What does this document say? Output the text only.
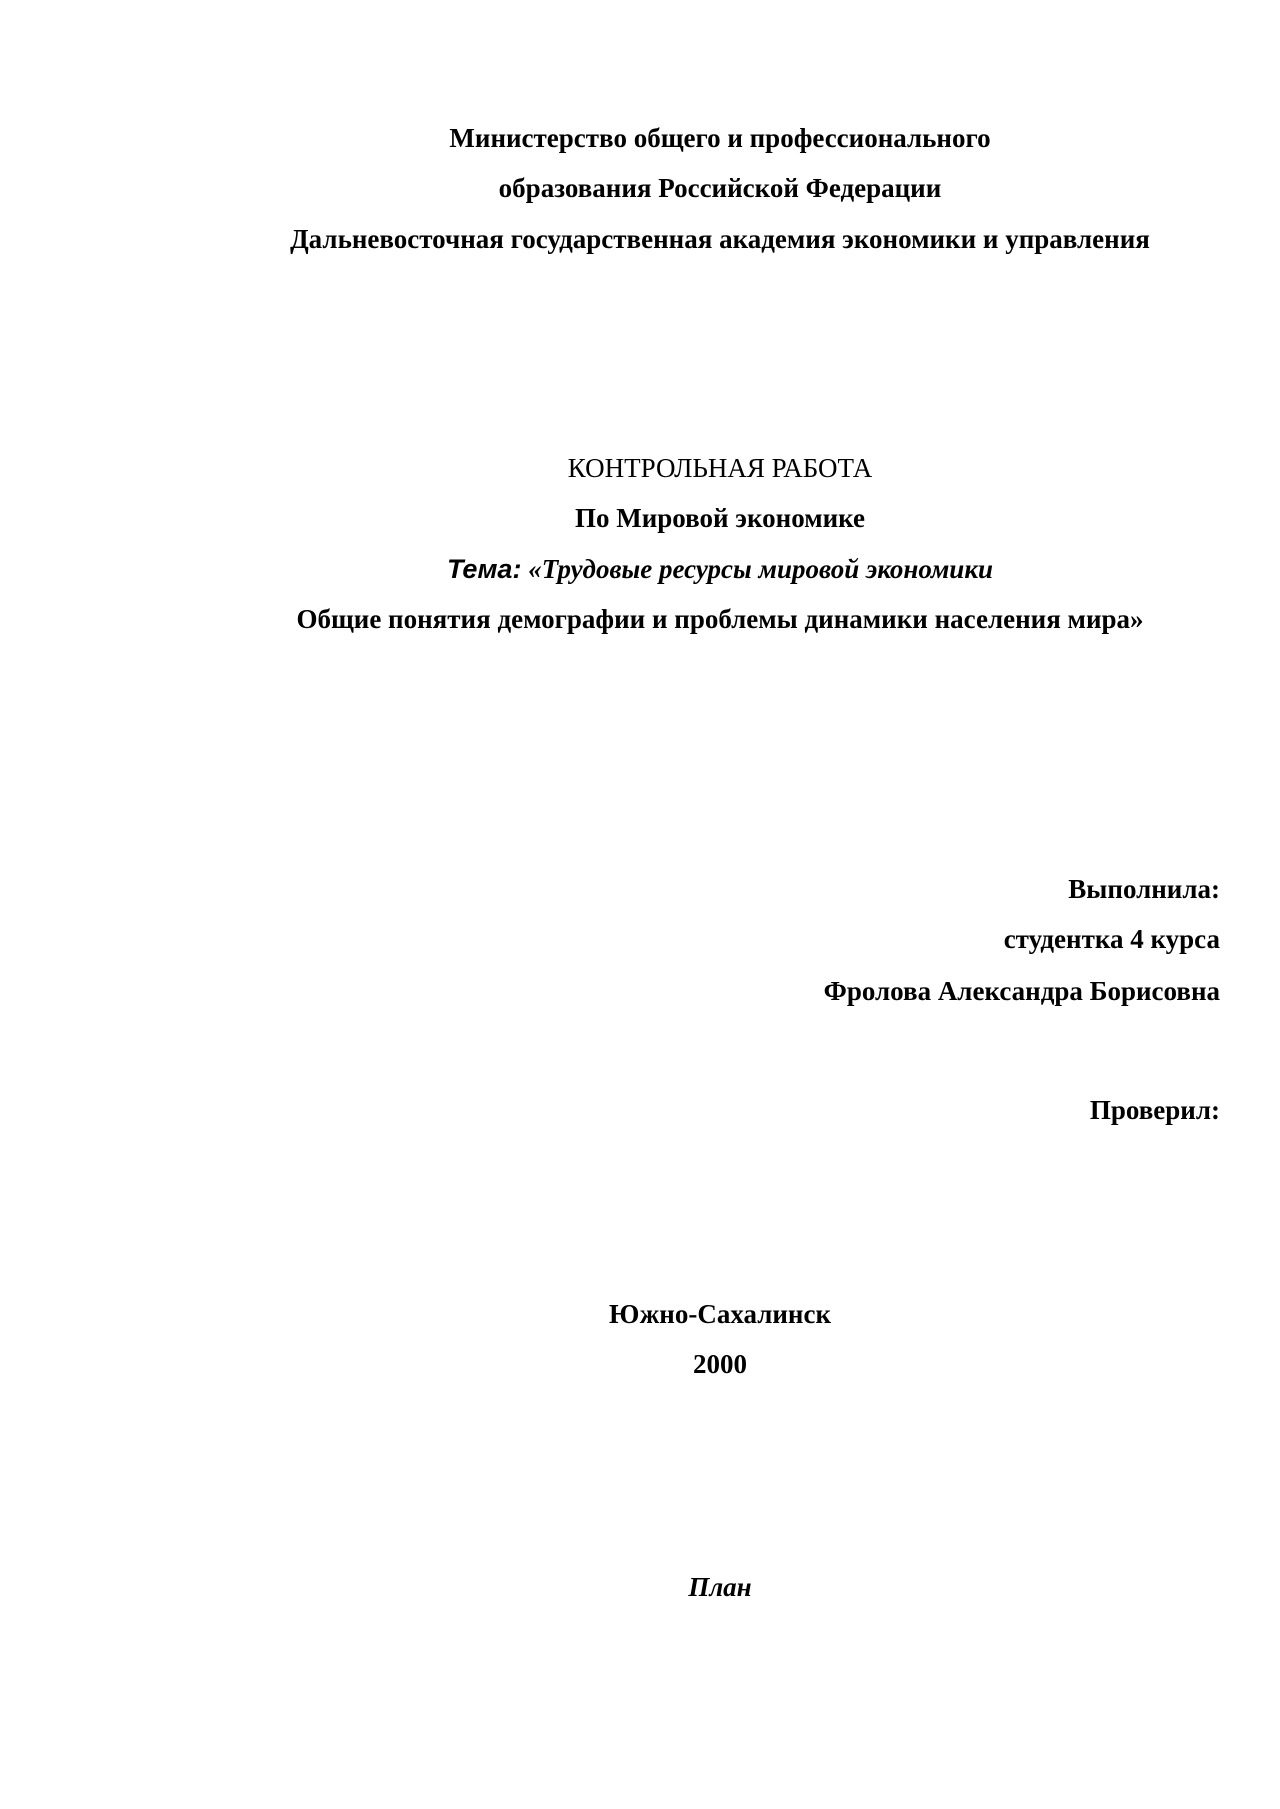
Министерство общего и профессионального
образования Российской Федерации
Дальневосточная государственная академия экономики и управления
КОНТРОЛЬНАЯ РАБОТА
По Мировой экономике
Тема: «Трудовые ресурсы мировой экономики
Общие понятия демографии и проблемы динамики населения мира»
Выполнила:
студентка 4 курса
Фролова Александра Борисовна
Проверил:
Южно-Сахалинск
2000
План
